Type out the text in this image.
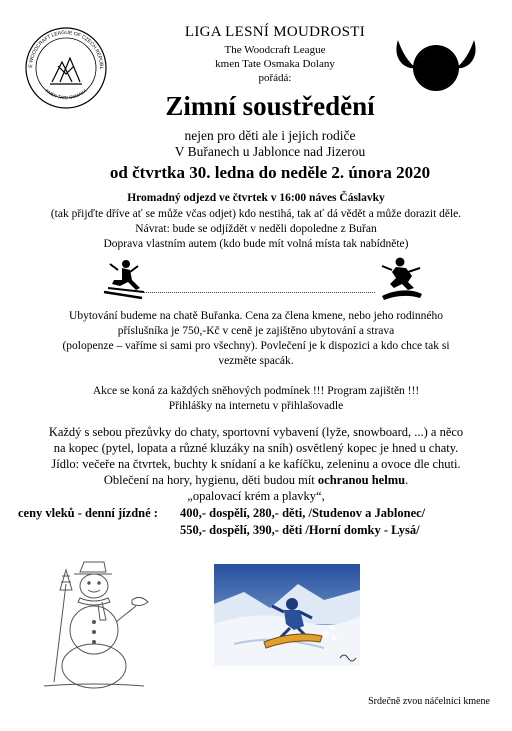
THE WOODCRAFT LEAGUE OF CZECH REPUBLIC
KMEN TATE OSMAKA
LIGA LESNÍ MOUDROSTI
The Woodcraft League
kmen Tate Osmaka Dolany
pořádá:
Zimní soustředění
nejen pro děti ale i jejich rodiče
V Buřanech u Jablonce nad Jizerou
od čtvrtka 30. ledna do neděle 2. února 2020
Hromadný odjezd ve čtvrtek v 16:00 náves Čáslavky
(tak přijďte dříve ať se může včas odjet) kdo nestihá, tak ať dá vědět a může dorazit děle.
Návrat: bude se odjíždět v neděli dopoledne z Buřan
Doprava vlastním autem (kdo bude mít volná místa tak nabídněte)
Ubytování budeme na chatě Buřanka. Cena za člena kmene, nebo jeho rodinného
příslušníka je 750,-Kč v ceně je zajištěno ubytování a strava
(polopenze – vaříme si sami pro všechny). Povlečení je k dispozici a kdo chce tak si
vezměte spacák.
Akce se koná za každých sněhových podmínek !!! Program zajištěn !!!
Přihlášky na internetu v přihlašovadle
Každý s sebou přezůvky do chaty, sportovní vybavení (lyže, snowboard, ...) a něco
na kopec (pytel, lopata a různé kluzáky na sníh) osvětlený kopec je hned u chaty.
Jídlo: večeře na čtvrtek, buchty k snídaní a ke kafíčku, zeleninu a ovoce dle chuti.
Oblečení na hory, hygienu, děti budou mít ochranou helmu.
„opalovací krém a plavky“,
ceny vleků - denní jízdné : 400,- dospělí, 280,- děti, /Studenov a Jablonec/
550,- dospělí, 390,- děti /Horní domky - Lysá/
Srdečně zvou náčelníci kmene
